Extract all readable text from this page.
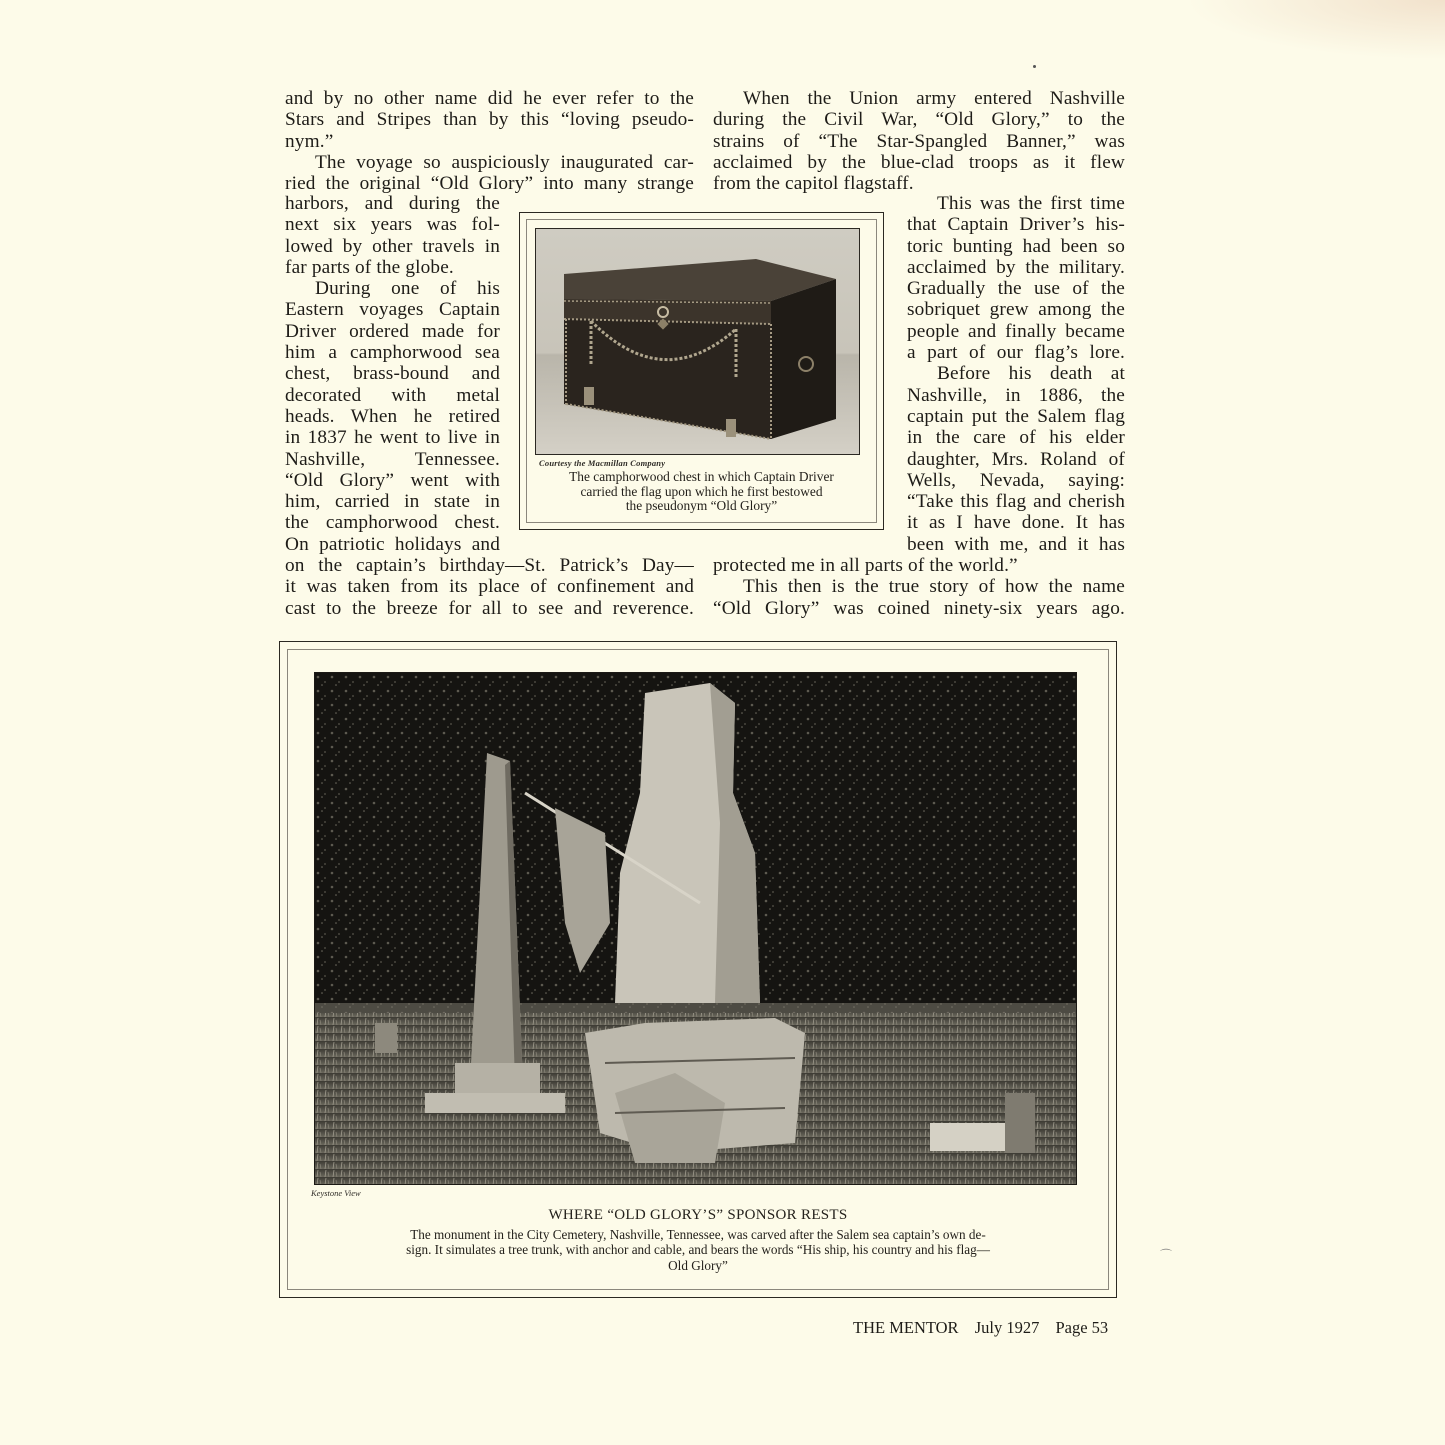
⌒
and by no other name did he ever refer to the
Stars and Stripes than by this “loving pseudo-
nym.”
The voyage so auspiciously inaugurated car-
ried the original “Old Glory” into many strange
harbors, and during the
next six years was fol-
lowed by other travels in
far parts of the globe.
During one of his
Eastern voyages Captain
Driver ordered made for
him a camphorwood sea
chest, brass-bound and
decorated with metal
heads. When he retired
in 1837 he went to live in
Nashville, Tennessee.
“Old Glory” went with
him, carried in state in
the camphorwood chest.
On patriotic holidays and
on the captain’s birthday—St. Patrick’s Day—
it was taken from its place of confinement and
cast to the breeze for all to see and reverence.
When the Union army entered Nashville
during the Civil War, “Old Glory,” to the
strains of “The Star-Spangled Banner,” was
acclaimed by the blue-clad troops as it flew
from the capitol flagstaff.
This was the first time
that Captain Driver’s his-
toric bunting had been so
acclaimed by the military.
Gradually the use of the
sobriquet grew among the
people and finally became
a part of our flag’s lore.
Before his death at
Nashville, in 1886, the
captain put the Salem flag
in the care of his elder
daughter, Mrs. Roland of
Wells, Nevada, saying:
“Take this flag and cherish
it as I have done. It has
been with me, and it has
protected me in all parts of the world.”
This then is the true story of how the name
“Old Glory” was coined ninety-six years ago.
Courtesy the Macmillan Company
The camphorwood chest in which Captain Driver
carried the flag upon which he first bestowed
the pseudonym “Old Glory”
Keystone View
WHERE “OLD GLORY’S” SPONSOR RESTS
The monument in the City Cemetery, Nashville, Tennessee, was carved after the Salem sea captain’s own de-
sign. It simulates a tree trunk, with anchor and cable, and bears the words “His ship, his country and his flag—
Old Glory”
THE MENTOR July 1927 Page 53
